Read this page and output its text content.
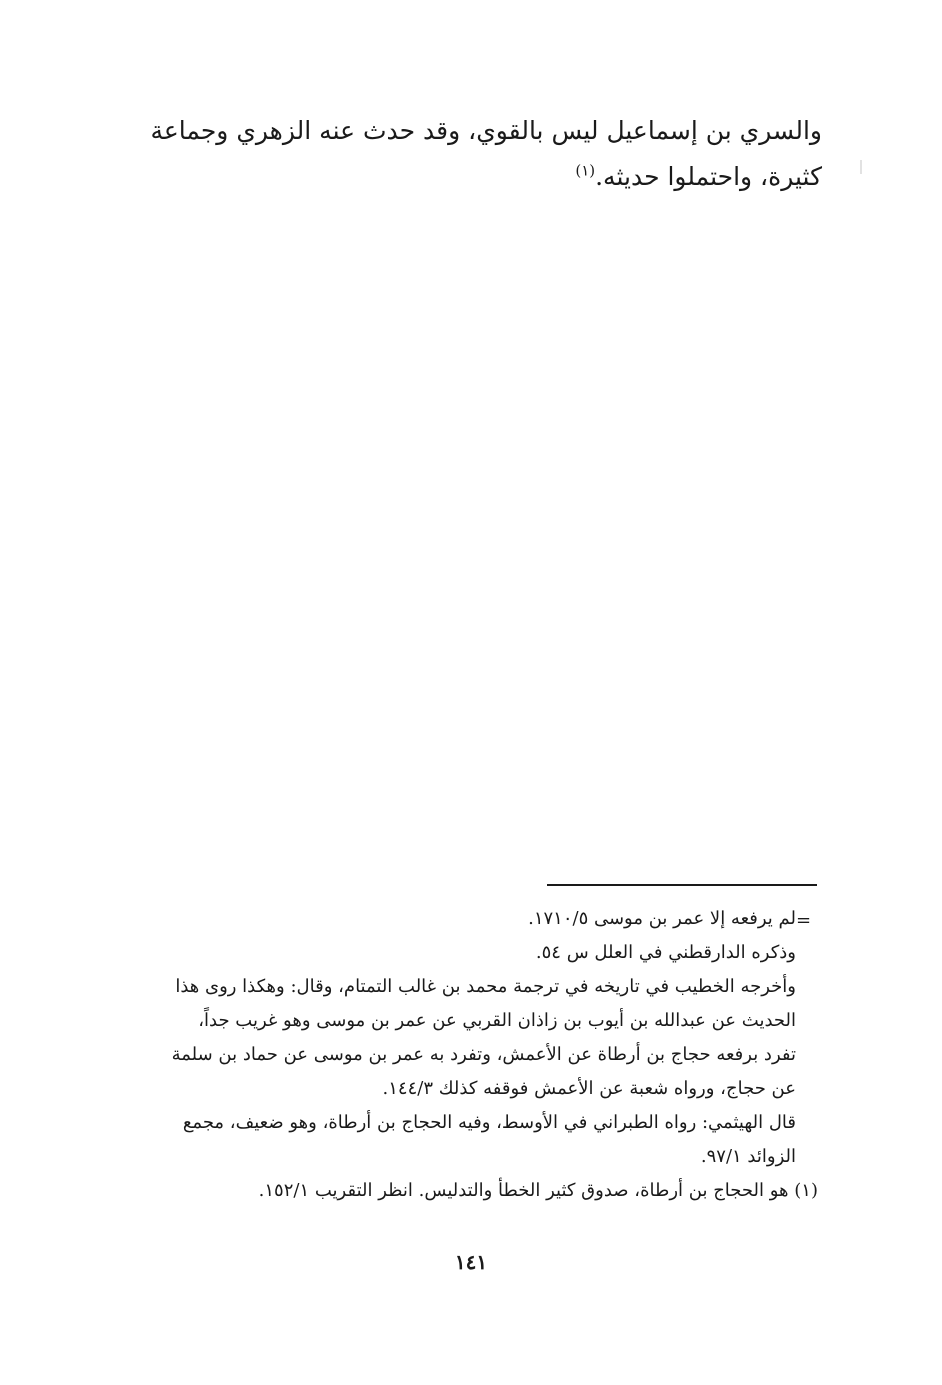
والسري بن إسماعيل ليس بالقوي، وقد حدث عنه الزهري وجماعة

كثيرة، واحتملوا حديثه.$^{(١)}$

=

لم يرفعه إلا عمر بن موسى ١٧١٠/٥.

وذكره الدارقطني في العلل س ٥٤.

وأخرجه الخطيب في تاريخه في ترجمة محمد بن غالب التمتام، وقال: وهكذا روى هذا

الحديث عن عبدالله بن أيوب بن زاذان القربي عن عمر بن موسى وهو غريب جداً،

تفرد برفعه حجاج بن أرطاة عن الأعمش، وتفرد به عمر بن موسى عن حماد بن سلمة

عن حجاج، ورواه شعبة عن الأعمش فوقفه كذلك ١٤٤/٣.

قال الهيثمي: رواه الطبراني في الأوسط، وفيه الحجاج بن أرطاة، وهو ضعيف، مجمع

الزوائد ٩٧/١.

(١) هو الحجاج بن أرطاة، صدوق كثير الخطأ والتدليس. انظر التقريب ١٥٢/١.

١٤١
